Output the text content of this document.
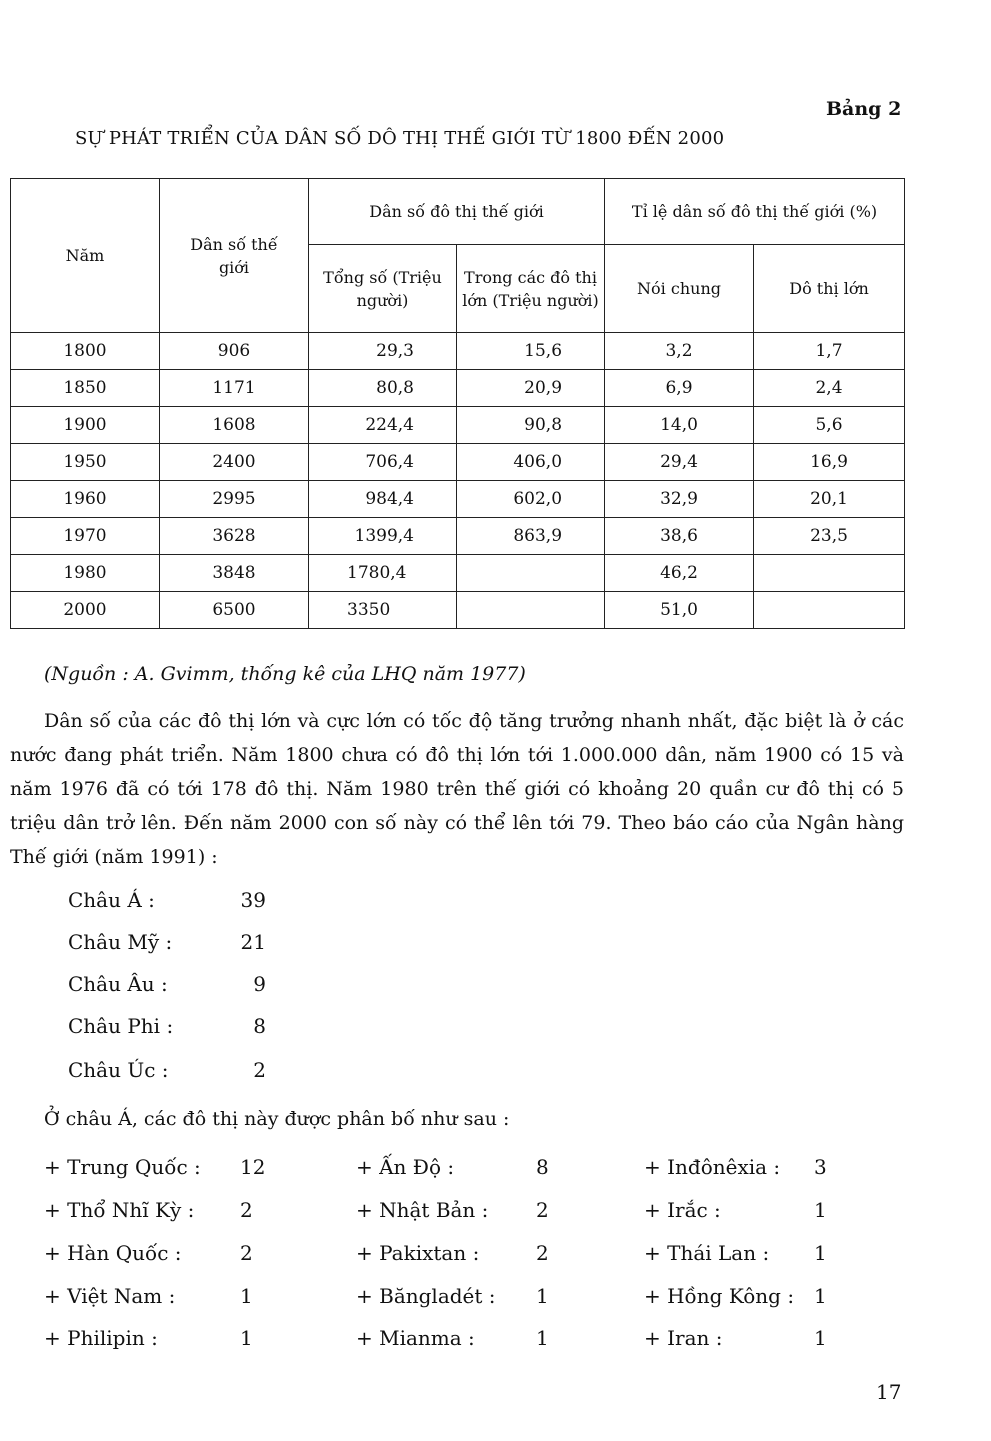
Bảng 2
SỰ PHÁT TRIỂN CỦA DÂN SỐ DÔ THỊ THẾ GIỚI TỪ 1800 ĐẾN 2000
Năm	Dân số thế giới	Dân số đô thị thế giới		Tỉ lệ dân số đô thị thế giới (%)	
		Tổng số (Triệu người)	Trong các đô thị lớn (Triệu người)	Nói chung	Dô thị lớn
1800	906	29,3	15,6	3,2	1,7
1850	1171	80,8	20,9	6,9	2,4
1900	1608	224,4	90,8	14,0	5,6
1950	2400	706,4	406,0	29,4	16,9
1960	2995	984,4	602,0	32,9	20,1
1970	3628	1399,4	863,9	38,6	23,5
1980	3848	1780,4		46,2	
2000	6500	3350		51,0	
(Nguồn : A. Gvimm, thống kê của LHQ năm 1977)

Dân số của các đô thị lớn và cực lớn có tốc độ tăng trưởng nhanh nhất, đặc biệt là ở các nước đang phát triển. Năm 1800 chưa có đô thị lớn tới 1.000.000 dân, năm 1900 có 15 và năm 1976 đã có tới 178 đô thị. Năm 1980 trên thế giới có khoảng 20 quần cư đô thị có 5 triệu dân trở lên. Đến năm 2000 con số này có thể lên tới 79. Theo báo cáo của Ngân hàng Thế giới (năm 1991) :

Châu Á :	39
Châu Mỹ :	21
Châu Âu :	9
Châu Phi :	8
Châu Úc :	2
Ở châu Á, các đô thị này được phân bố như sau :
+ Trung Quốc : 12
+ Thổ Nhĩ Kỳ : 2
+ Hàn Quốc :	2
+ Việt Nam :	1
+ Philipin :	1
+ Ấn Độ :	8
+ Nhật Bản : 2
+ Pakixtan :	2
+ Băngladét : 1
+ Mianma :	1
+ Inđônêxia : 3
+ Irắc :	1
+ Thái Lan : 1
+ Hồng Kông : 1
+ Iran :	1
17
